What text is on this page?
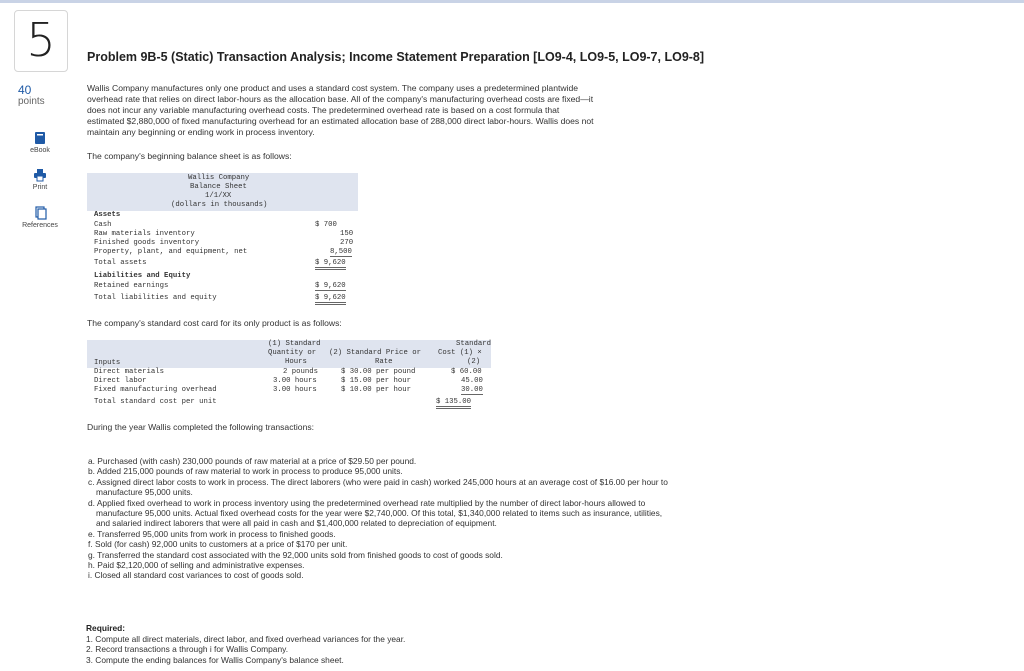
5
40
points
eBook
Print
References
Problem 9B-5 (Static) Transaction Analysis; Income Statement Preparation [LO9-4, LO9-5, LO9-7, LO9-8]
Wallis Company manufactures only one product and uses a standard cost system. The company uses a predetermined plantwide
overhead rate that relies on direct labor-hours as the allocation base. All of the company's manufacturing overhead costs are fixed—it
does not incur any variable manufacturing overhead costs. The predetermined overhead rate is based on a cost formula that
estimated $2,880,000 of fixed manufacturing overhead for an estimated allocation base of 288,000 direct labor-hours. Wallis does not
maintain any beginning or ending work in process inventory.
The company's beginning balance sheet is as follows:
Wallis Company
Balance Sheet
1/1/XX
(dollars in thousands)
Assets
Cash	$ 700
Raw materials inventory	150
Finished goods inventory	270
Property, plant, and equipment, net	8,500
Total assets	$ 9,620
Liabilities and Equity
Retained earnings	$ 9,620
Total liabilities and equity	$ 9,620
The company's standard cost card for its only product is as follows:
(1) Standard
Quantity or
Hours
(2) Standard Price or
Rate
Standard
Cost (1) ×
(2)
Inputs
Direct materials	2 pounds	$ 30.00 per pound	$ 60.00
Direct labor	3.00 hours	$ 15.00 per hour	45.00
Fixed manufacturing overhead	3.00 hours	$ 10.00 per hour	30.00
Total standard cost per unit	$ 135.00
During the year Wallis completed the following transactions:

a. Purchased (with cash) 230,000 pounds of raw material at a price of $29.50 per pound.

b. Added 215,000 pounds of raw material to work in process to produce 95,000 units.

c. Assigned direct labor costs to work in process. The direct laborers (who were paid in cash) worked 245,000 hours at an average cost of $16.00 per hour to manufacture 95,000 units.

d. Applied fixed overhead to work in process inventory using the predetermined overhead rate multiplied by the number of direct labor-hours allowed to manufacture 95,000 units. Actual fixed overhead costs for the year were $2,740,000. Of this total, $1,340,000 related to items such as insurance, utilities, and salaried indirect laborers that were all paid in cash and $1,400,000 related to depreciation of equipment.

e. Transferred 95,000 units from work in process to finished goods.

f. Sold (for cash) 92,000 units to customers at a price of $170 per unit.

g. Transferred the standard cost associated with the 92,000 units sold from finished goods to cost of goods sold.

h. Paid $2,120,000 of selling and administrative expenses.

i. Closed all standard cost variances to cost of goods sold.

Required:
1. Compute all direct materials, direct labor, and fixed overhead variances for the year.
2. Record transactions a through i for Wallis Company.
3. Compute the ending balances for Wallis Company's balance sheet.
